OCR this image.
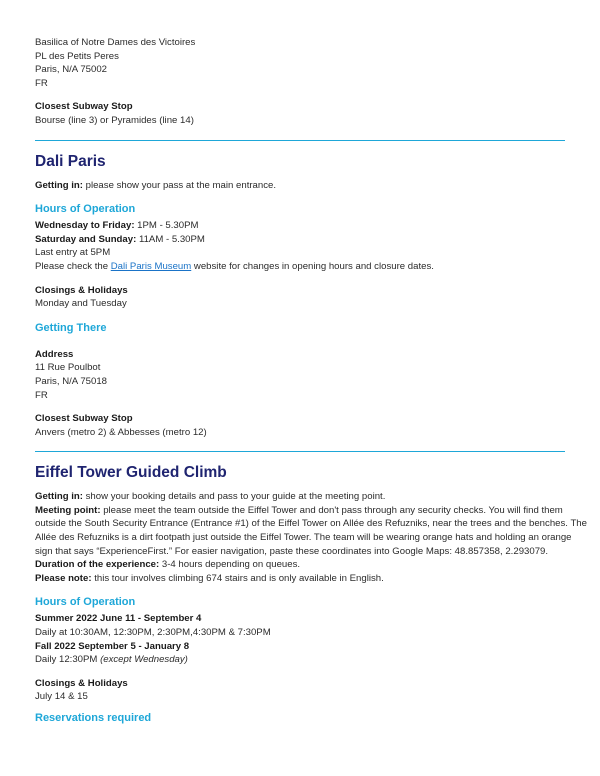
Basilica of Notre Dames des Victoires

PL des Petits Peres

Paris, N/A 75002

FR

Closest Subway Stop

Bourse (line 3) or Pyramides (line 14)

Dali Paris

Getting in: please show your pass at the main entrance.

Hours of Operation

Wednesday to Friday: 1PM - 5.30PM

Saturday and Sunday: 11AM - 5.30PM

Last entry at 5PM

Please check the Dali Paris Museum website for changes in opening hours and closure dates.

Closings & Holidays

Monday and Tuesday

Getting There

Address

11 Rue Poulbot

Paris, N/A 75018

FR

Closest Subway Stop

Anvers (metro 2) & Abbesses (metro 12)

Eiffel Tower Guided Climb

Getting in: show your booking details and pass to your guide at the meeting point.

Meeting point: please meet the team outside the Eiffel Tower and don't pass through any security checks. You will find them

outside the South Security Entrance (Entrance #1) of the Eiffel Tower on Allée des Refuzniks, near the trees and the benches. The

Allée des Refuzniks is a dirt footpath just outside the Eiffel Tower. The team will be wearing orange hats and holding an orange

sign that says “ExperienceFirst.” For easier navigation, paste these coordinates into Google Maps: 48.857358, 2.293079.

Duration of the experience: 3-4 hours depending on queues.

Please note: this tour involves climbing 674 stairs and is only available in English.

Hours of Operation

Summer 2022 June 11 - September 4

Daily at 10:30AM, 12:30PM, 2:30PM,4:30PM & 7:30PM

Fall 2022 September 5 - January 8

Daily 12:30PM (except Wednesday)

Closings & Holidays

July 14 & 15

Reservations required
